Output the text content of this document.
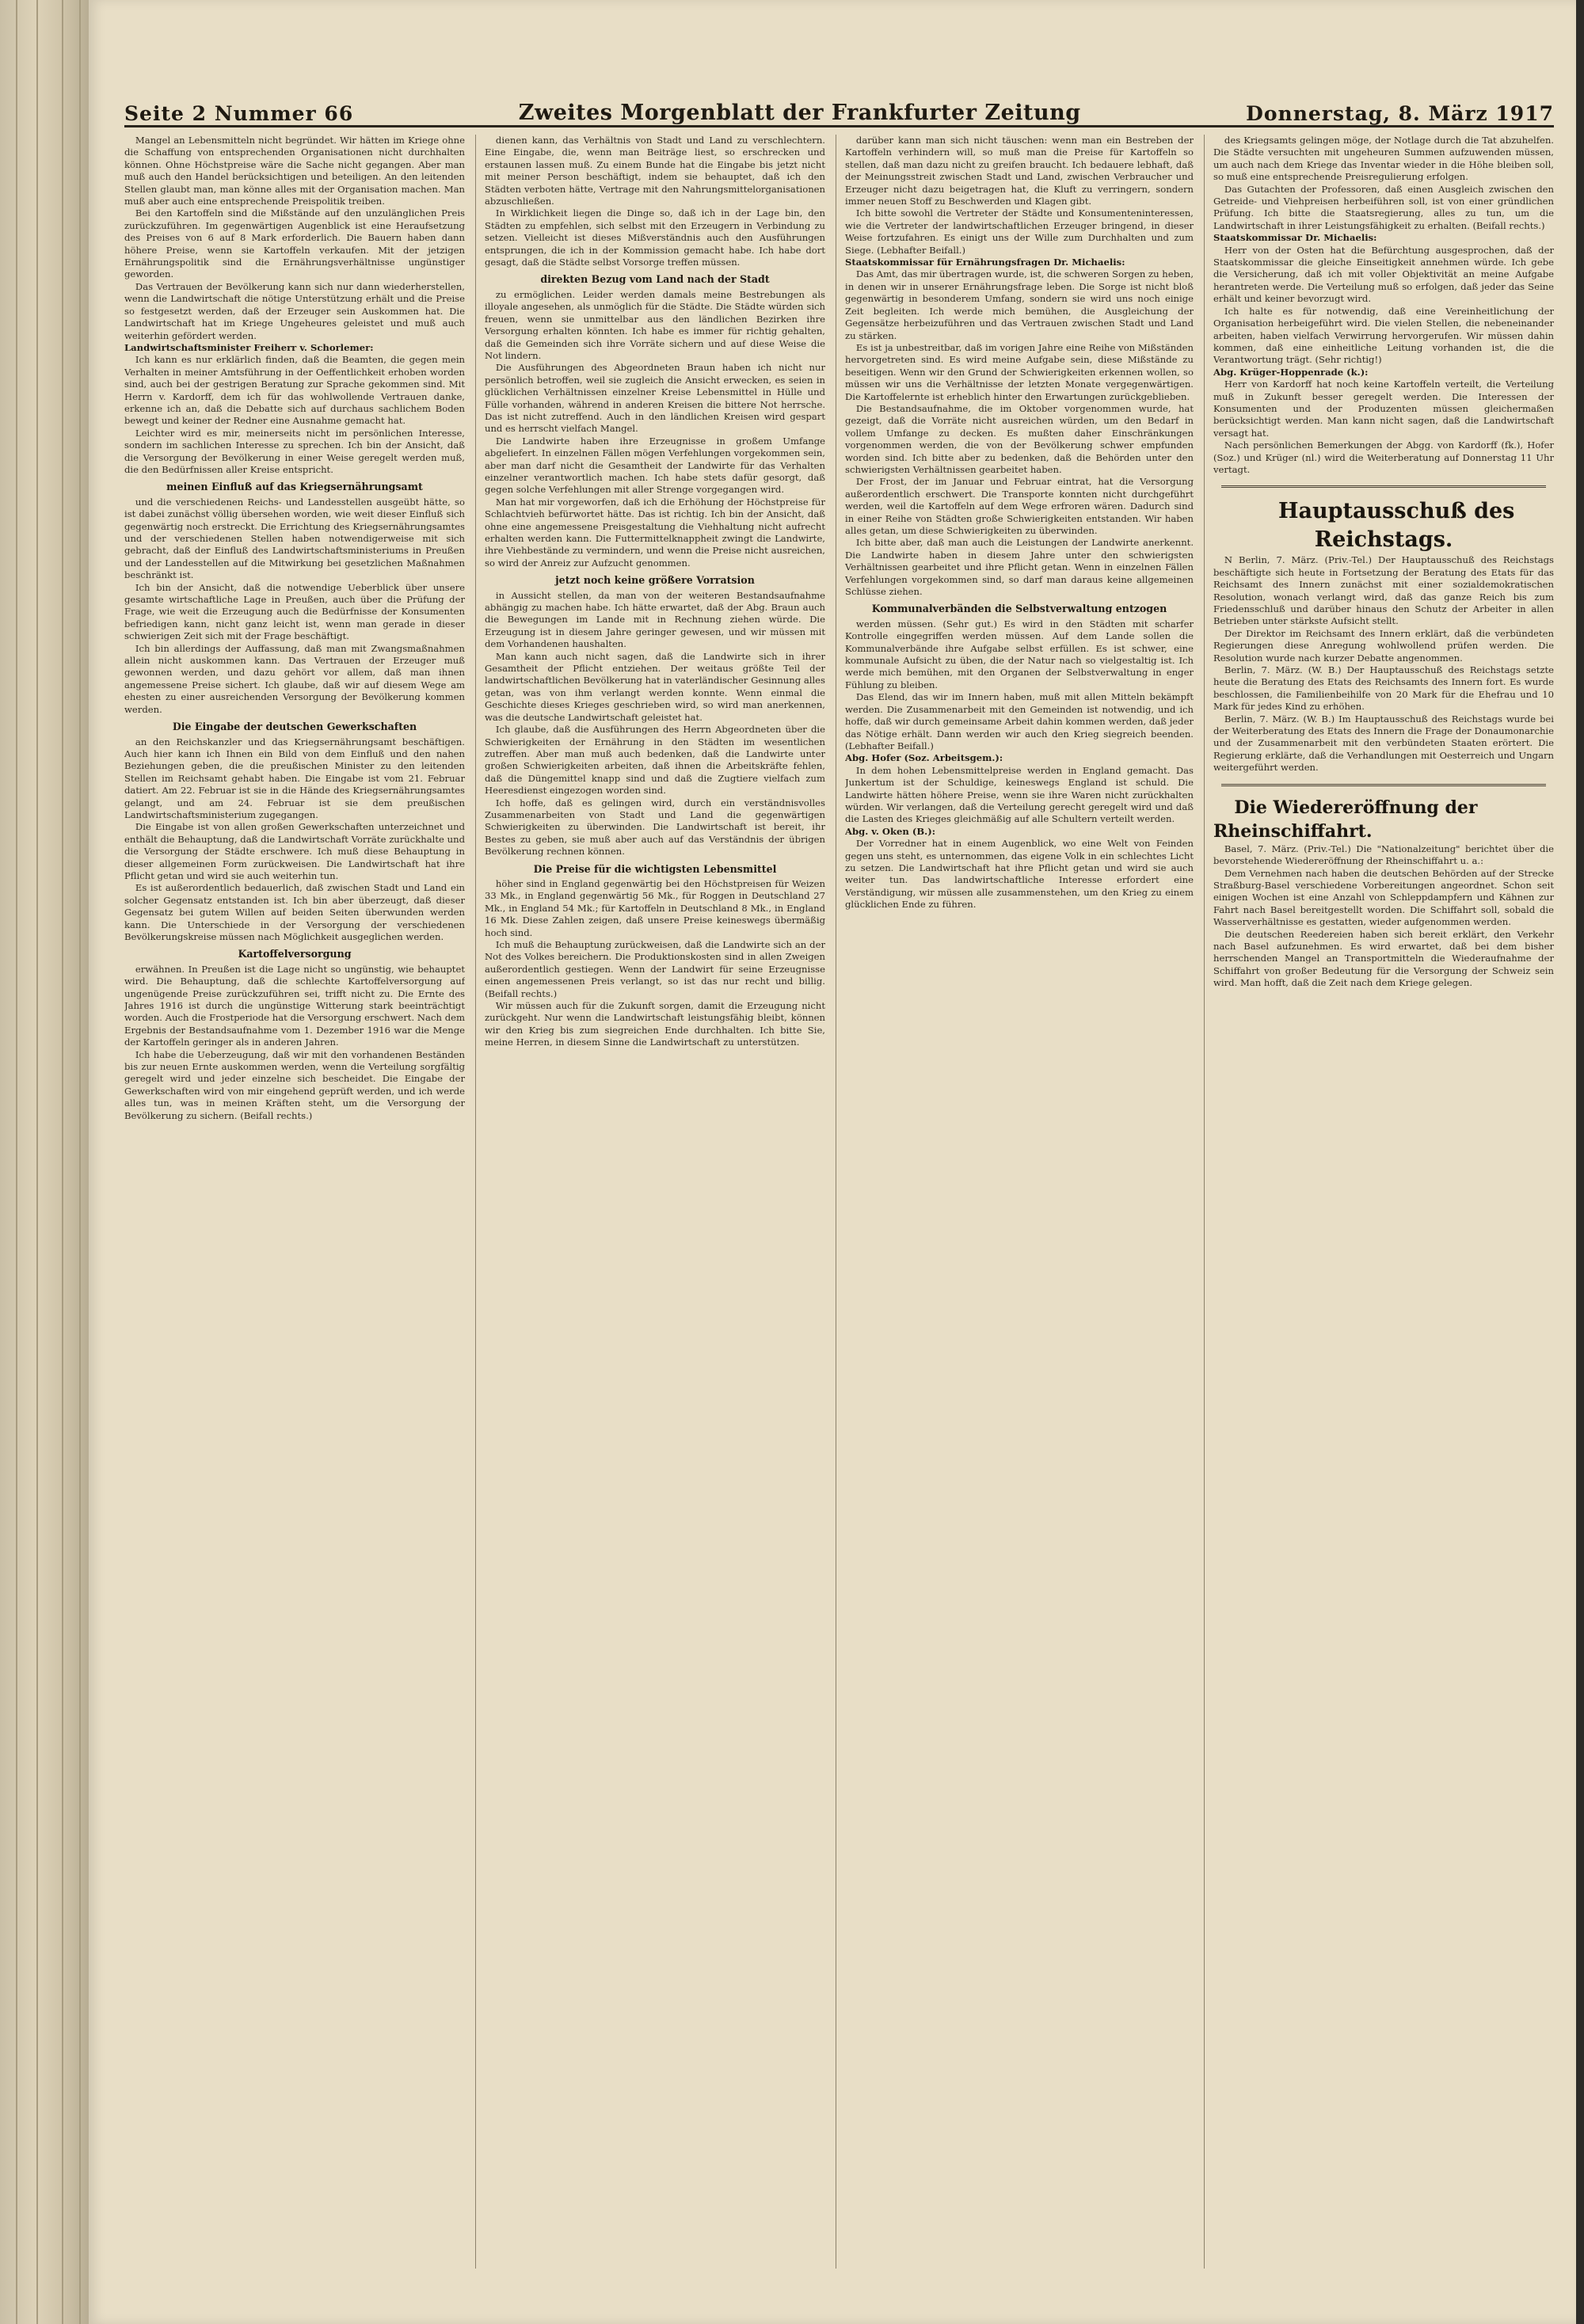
Seite 2 Nummer 66	Zweites Morgenblatt der Frankfurter Zeitung	Donnerstag, 8. März 1917

Mangel an Lebensmitteln nicht begründet. Wir hätten im Kriege ohne die Schaffung von entsprechenden Organisationen nicht durchhalten können. Ohne Höchstpreise wäre die Sache nicht gegangen. Aber man muß auch den Handel berücksichtigen und beteiligen. An den leitenden Stellen glaubt man, man könne alles mit der Organisation machen. Man muß aber auch eine entsprechende Preispolitik treiben.

Bei den Kartoffeln sind die Mißstände auf den unzulänglichen Preis zurückzuführen. Im gegenwärtigen Augenblick ist eine Heraufsetzung des Preises von 6 auf 8 Mark erforderlich. Die Bauern haben dann höhere Preise, wenn sie Kartoffeln verkaufen. Mit der jetzigen Ernährungspolitik sind die Ernährungsverhältnisse ungünstiger geworden.

Das Vertrauen der Bevölkerung kann sich nur dann wiederherstellen, wenn die Landwirtschaft die nötige Unterstützung erhält und die Preise so festgesetzt werden, daß der Erzeuger sein Auskommen hat. Die Landwirtschaft hat im Kriege Ungeheures geleistet und muß auch weiterhin gefördert werden.

Landwirtschaftsminister Freiherr v. Schorlemer:

Ich kann es nur erklärlich finden, daß die Beamten, die gegen mein Verhalten in meiner Amtsführung in der Oeffentlichkeit erhoben worden sind, auch bei der gestrigen Beratung zur Sprache gekommen sind. Mit Herrn v. Kardorff, dem ich für das wohlwollende Vertrauen danke, erkenne ich an, daß die Debatte sich auf durchaus sachlichem Boden bewegt und keiner der Redner eine Ausnahme gemacht hat.

Leichter wird es mir, meinerseits nicht im persönlichen Interesse, sondern im sachlichen Interesse zu sprechen. Ich bin der Ansicht, daß die Versorgung der Bevölkerung in einer Weise geregelt werden muß, die den Bedürfnissen aller Kreise entspricht.

meinen Einfluß auf das Kriegsernährungsamt

und die verschiedenen Reichs- und Landesstellen ausgeübt hätte, so ist dabei zunächst völlig übersehen worden, wie weit dieser Einfluß sich gegenwärtig noch erstreckt. Die Errichtung des Kriegsernährungsamtes und der verschiedenen Stellen haben notwendigerweise mit sich gebracht, daß der Einfluß des Landwirtschaftsministeriums in Preußen und der Landesstellen auf die Mitwirkung bei gesetzlichen Maßnahmen beschränkt ist.

Ich bin der Ansicht, daß die notwendige Ueberblick über unsere gesamte wirtschaftliche Lage in Preußen, auch über die Prüfung der Frage, wie weit die Erzeugung auch die Bedürfnisse der Konsumenten befriedigen kann, nicht ganz leicht ist, wenn man gerade in dieser schwierigen Zeit sich mit der Frage beschäftigt.

Ich bin allerdings der Auffassung, daß man mit Zwangsmaßnahmen allein nicht auskommen kann. Das Vertrauen der Erzeuger muß gewonnen werden, und dazu gehört vor allem, daß man ihnen angemessene Preise sichert. Ich glaube, daß wir auf diesem Wege am ehesten zu einer ausreichenden Versorgung der Bevölkerung kommen werden.

Die Eingabe der deutschen Gewerkschaften

an den Reichskanzler und das Kriegsernährungsamt beschäftigen. Auch hier kann ich Ihnen ein Bild von dem Einfluß und den nahen Beziehungen geben, die die preußischen Minister zu den leitenden Stellen im Reichsamt gehabt haben. Die Eingabe ist vom 21. Februar datiert. Am 22. Februar ist sie in die Hände des Kriegsernährungsamtes gelangt, und am 24. Februar ist sie dem preußischen Landwirtschaftsministerium zugegangen.

Die Eingabe ist von allen großen Gewerkschaften unterzeichnet und enthält die Behauptung, daß die Landwirtschaft Vorräte zurückhalte und die Versorgung der Städte erschwere. Ich muß diese Behauptung in dieser allgemeinen Form zurückweisen. Die Landwirtschaft hat ihre Pflicht getan und wird sie auch weiterhin tun.

Es ist außerordentlich bedauerlich, daß zwischen Stadt und Land ein solcher Gegensatz entstanden ist. Ich bin aber überzeugt, daß dieser Gegensatz bei gutem Willen auf beiden Seiten überwunden werden kann. Die Unterschiede in der Versorgung der verschiedenen Bevölkerungskreise müssen nach Möglichkeit ausgeglichen werden.

Kartoffelversorgung

erwähnen. In Preußen ist die Lage nicht so ungünstig, wie behauptet wird. Die Behauptung, daß die schlechte Kartoffelversorgung auf ungenügende Preise zurückzuführen sei, trifft nicht zu. Die Ernte des Jahres 1916 ist durch die ungünstige Witterung stark beeinträchtigt worden. Auch die Frostperiode hat die Versorgung erschwert. Nach dem Ergebnis der Bestandsaufnahme vom 1. Dezember 1916 war die Menge der Kartoffeln geringer als in anderen Jahren.

Ich habe die Ueberzeugung, daß wir mit den vorhandenen Beständen bis zur neuen Ernte auskommen werden, wenn die Verteilung sorgfältig geregelt wird und jeder einzelne sich bescheidet. Die Eingabe der Gewerkschaften wird von mir eingehend geprüft werden, und ich werde alles tun, was in meinen Kräften steht, um die Versorgung der Bevölkerung zu sichern. (Beifall rechts.)

dienen kann, das Verhältnis von Stadt und Land zu verschlechtern. Eine Eingabe, die, wenn man Beiträge liest, so erschrecken und erstaunen lassen muß. Zu einem Bunde hat die Eingabe bis jetzt nicht mit meiner Person beschäftigt, indem sie behauptet, daß ich den Städten verboten hätte, Vertrage mit den Nahrungsmittelorganisationen abzuschließen.

In Wirklichkeit liegen die Dinge so, daß ich in der Lage bin, den Städten zu empfehlen, sich selbst mit den Erzeugern in Verbindung zu setzen. Vielleicht ist dieses Mißverständnis auch den Ausführungen entsprungen, die ich in der Kommission gemacht habe. Ich habe dort gesagt, daß die Städte selbst Vorsorge treffen müssen.

direkten Bezug vom Land nach der Stadt

zu ermöglichen. Leider werden damals meine Bestrebungen als illoyale angesehen, als unmöglich für die Städte. Die Städte würden sich freuen, wenn sie unmittelbar aus den ländlichen Bezirken ihre Versorgung erhalten könnten. Ich habe es immer für richtig gehalten, daß die Gemeinden sich ihre Vorräte sichern und auf diese Weise die Not lindern.

Die Ausführungen des Abgeordneten Braun haben ich nicht nur persönlich betroffen, weil sie zugleich die Ansicht erwecken, es seien in glücklichen Verhältnissen einzelner Kreise Lebensmittel in Hülle und Fülle vorhanden, während in anderen Kreisen die bittere Not herrsche. Das ist nicht zutreffend. Auch in den ländlichen Kreisen wird gespart und es herrscht vielfach Mangel.

Die Landwirte haben ihre Erzeugnisse in großem Umfange abgeliefert. In einzelnen Fällen mögen Verfehlungen vorgekommen sein, aber man darf nicht die Gesamtheit der Landwirte für das Verhalten einzelner verantwortlich machen. Ich habe stets dafür gesorgt, daß gegen solche Verfehlungen mit aller Strenge vorgegangen wird.

Man hat mir vorgeworfen, daß ich die Erhöhung der Höchstpreise für Schlachtvieh befürwortet hätte. Das ist richtig. Ich bin der Ansicht, daß ohne eine angemessene Preisgestaltung die Viehhaltung nicht aufrecht erhalten werden kann. Die Futtermittelknappheit zwingt die Landwirte, ihre Viehbestände zu vermindern, und wenn die Preise nicht ausreichen, so wird der Anreiz zur Aufzucht genommen.

jetzt noch keine größere Vorratsion

in Aussicht stellen, da man von der weiteren Bestandsaufnahme abhängig zu machen habe. Ich hätte erwartet, daß der Abg. Braun auch die Bewegungen im Lande mit in Rechnung ziehen würde. Die Erzeugung ist in diesem Jahre geringer gewesen, und wir müssen mit dem Vorhandenen haushalten.

Man kann auch nicht sagen, daß die Landwirte sich in ihrer Gesamtheit der Pflicht entziehen. Der weitaus größte Teil der landwirtschaftlichen Bevölkerung hat in vaterländischer Gesinnung alles getan, was von ihm verlangt werden konnte. Wenn einmal die Geschichte dieses Krieges geschrieben wird, so wird man anerkennen, was die deutsche Landwirtschaft geleistet hat.

Ich glaube, daß die Ausführungen des Herrn Abgeordneten über die Schwierigkeiten der Ernährung in den Städten im wesentlichen zutreffen. Aber man muß auch bedenken, daß die Landwirte unter großen Schwierigkeiten arbeiten, daß ihnen die Arbeitskräfte fehlen, daß die Düngemittel knapp sind und daß die Zugtiere vielfach zum Heeresdienst eingezogen worden sind.

Ich hoffe, daß es gelingen wird, durch ein verständnisvolles Zusammenarbeiten von Stadt und Land die gegenwärtigen Schwierigkeiten zu überwinden. Die Landwirtschaft ist bereit, ihr Bestes zu geben, sie muß aber auch auf das Verständnis der übrigen Bevölkerung rechnen können.

Die Preise für die wichtigsten Lebensmittel

höher sind in England gegenwärtig bei den Höchstpreisen für Weizen 33 Mk., in England gegenwärtig 56 Mk., für Roggen in Deutschland 27 Mk., in England 54 Mk.; für Kartoffeln in Deutschland 8 Mk., in England 16 Mk. Diese Zahlen zeigen, daß unsere Preise keineswegs übermäßig hoch sind.

Ich muß die Behauptung zurückweisen, daß die Landwirte sich an der Not des Volkes bereichern. Die Produktionskosten sind in allen Zweigen außerordentlich gestiegen. Wenn der Landwirt für seine Erzeugnisse einen angemessenen Preis verlangt, so ist das nur recht und billig. (Beifall rechts.)

Wir müssen auch für die Zukunft sorgen, damit die Erzeugung nicht zurückgeht. Nur wenn die Landwirtschaft leistungsfähig bleibt, können wir den Krieg bis zum siegreichen Ende durchhalten. Ich bitte Sie, meine Herren, in diesem Sinne die Landwirtschaft zu unterstützen.

darüber kann man sich nicht täuschen: wenn man ein Bestreben der Kartoffeln verhindern will, so muß man die Preise für Kartoffeln so stellen, daß man dazu nicht zu greifen braucht. Ich bedauere lebhaft, daß der Meinungsstreit zwischen Stadt und Land, zwischen Verbraucher und Erzeuger nicht dazu beigetragen hat, die Kluft zu verringern, sondern immer neuen Stoff zu Beschwerden und Klagen gibt.

Ich bitte sowohl die Vertreter der Städte und Konsumenteninteressen, wie die Vertreter der landwirtschaftlichen Erzeuger bringend, in dieser Weise fortzufahren. Es einigt uns der Wille zum Durchhalten und zum Siege. (Lebhafter Beifall.)

Staatskommissar für Ernährungsfragen Dr. Michaelis:

Das Amt, das mir übertragen wurde, ist, die schweren Sorgen zu heben, in denen wir in unserer Ernährungsfrage leben. Die Sorge ist nicht bloß gegenwärtig in besonderem Umfang, sondern sie wird uns noch einige Zeit begleiten. Ich werde mich bemühen, die Ausgleichung der Gegensätze herbeizuführen und das Vertrauen zwischen Stadt und Land zu stärken.

Es ist ja unbestreitbar, daß im vorigen Jahre eine Reihe von Mißständen hervorgetreten sind. Es wird meine Aufgabe sein, diese Mißstände zu beseitigen. Wenn wir den Grund der Schwierigkeiten erkennen wollen, so müssen wir uns die Verhältnisse der letzten Monate vergegenwärtigen. Die Kartoffelernte ist erheblich hinter den Erwartungen zurückgeblieben.

Die Bestandsaufnahme, die im Oktober vorgenommen wurde, hat gezeigt, daß die Vorräte nicht ausreichen würden, um den Bedarf in vollem Umfange zu decken. Es mußten daher Einschränkungen vorgenommen werden, die von der Bevölkerung schwer empfunden worden sind. Ich bitte aber zu bedenken, daß die Behörden unter den schwierigsten Verhältnissen gearbeitet haben.

Der Frost, der im Januar und Februar eintrat, hat die Versorgung außerordentlich erschwert. Die Transporte konnten nicht durchgeführt werden, weil die Kartoffeln auf dem Wege erfroren wären. Dadurch sind in einer Reihe von Städten große Schwierigkeiten entstanden. Wir haben alles getan, um diese Schwierigkeiten zu überwinden.

Ich bitte aber, daß man auch die Leistungen der Landwirte anerkennt. Die Landwirte haben in diesem Jahre unter den schwierigsten Verhältnissen gearbeitet und ihre Pflicht getan. Wenn in einzelnen Fällen Verfehlungen vorgekommen sind, so darf man daraus keine allgemeinen Schlüsse ziehen.

Kommunalverbänden die Selbstverwaltung entzogen

werden müssen. (Sehr gut.) Es wird in den Städten mit scharfer Kontrolle eingegriffen werden müssen. Auf dem Lande sollen die Kommunalverbände ihre Aufgabe selbst erfüllen. Es ist schwer, eine kommunale Aufsicht zu üben, die der Natur nach so vielgestaltig ist. Ich werde mich bemühen, mit den Organen der Selbstverwaltung in enger Fühlung zu bleiben.

Das Elend, das wir im Innern haben, muß mit allen Mitteln bekämpft werden. Die Zusammenarbeit mit den Gemeinden ist notwendig, und ich hoffe, daß wir durch gemeinsame Arbeit dahin kommen werden, daß jeder das Nötige erhält. Dann werden wir auch den Krieg siegreich beenden. (Lebhafter Beifall.)

Abg. Hofer (Soz. Arbeitsgem.):

In dem hohen Lebensmittelpreise werden in England gemacht. Das Junkertum ist der Schuldige, keineswegs England ist schuld. Die Landwirte hätten höhere Preise, wenn sie ihre Waren nicht zurückhalten würden. Wir verlangen, daß die Verteilung gerecht geregelt wird und daß die Lasten des Krieges gleichmäßig auf alle Schultern verteilt werden.

Abg. v. Oken (B.):

Der Vorredner hat in einem Augenblick, wo eine Welt von Feinden gegen uns steht, es unternommen, das eigene Volk in ein schlechtes Licht zu setzen. Die Landwirtschaft hat ihre Pflicht getan und wird sie auch weiter tun. Das landwirtschaftliche Interesse erfordert eine Verständigung, wir müssen alle zusammenstehen, um den Krieg zu einem glücklichen Ende zu führen.

des Kriegsamts gelingen möge, der Notlage durch die Tat abzuhelfen. Die Städte versuchten mit ungeheuren Summen aufzuwenden müssen, um auch nach dem Kriege das Inventar wieder in die Höhe bleiben soll, so muß eine entsprechende Preisregulierung erfolgen.

Das Gutachten der Professoren, daß einen Ausgleich zwischen den Getreide- und Viehpreisen herbeiführen soll, ist von einer gründlichen Prüfung. Ich bitte die Staatsregierung, alles zu tun, um die Landwirtschaft in ihrer Leistungsfähigkeit zu erhalten. (Beifall rechts.)

Staatskommissar Dr. Michaelis:

Herr von der Osten hat die Befürchtung ausgesprochen, daß der Staatskommissar die gleiche Einseitigkeit annehmen würde. Ich gebe die Versicherung, daß ich mit voller Objektivität an meine Aufgabe herantreten werde. Die Verteilung muß so erfolgen, daß jeder das Seine erhält und keiner bevorzugt wird.

Ich halte es für notwendig, daß eine Vereinheitlichung der Organisation herbeigeführt wird. Die vielen Stellen, die nebeneinander arbeiten, haben vielfach Verwirrung hervorgerufen. Wir müssen dahin kommen, daß eine einheitliche Leitung vorhanden ist, die die Verantwortung trägt. (Sehr richtig!)

Abg. Krüger-Hoppenrade (k.):

Herr von Kardorff hat noch keine Kartoffeln verteilt, die Verteilung muß in Zukunft besser geregelt werden. Die Interessen der Konsumenten und der Produzenten müssen gleichermaßen berücksichtigt werden. Man kann nicht sagen, daß die Landwirtschaft versagt hat.

Nach persönlichen Bemerkungen der Abgg. von Kardorff (fk.), Hofer (Soz.) und Krüger (nl.) wird die Weiterberatung auf Donnerstag 11 Uhr vertagt.

Hauptausschuß des Reichstags.

N Berlin, 7. März. (Priv.-Tel.) Der Hauptausschuß des Reichstags beschäftigte sich heute in Fortsetzung der Beratung des Etats für das Reichsamt des Innern zunächst mit einer sozialdemokratischen Resolution, wonach verlangt wird, daß das ganze Reich bis zum Friedensschluß und darüber hinaus den Schutz der Arbeiter in allen Betrieben unter stärkste Aufsicht stellt.

Der Direktor im Reichsamt des Innern erklärt, daß die verbündeten Regierungen diese Anregung wohlwollend prüfen werden. Die Resolution wurde nach kurzer Debatte angenommen.

Berlin, 7. März. (W. B.) Der Hauptausschuß des Reichstags setzte heute die Beratung des Etats des Reichsamts des Innern fort. Es wurde beschlossen, die Familienbeihilfe von 20 Mark für die Ehefrau und 10 Mark für jedes Kind zu erhöhen.

Berlin, 7. März. (W. B.) Im Hauptausschuß des Reichstags wurde bei der Weiterberatung des Etats des Innern die Frage der Donaumonarchie und der Zusammenarbeit mit den verbündeten Staaten erörtert. Die Regierung erklärte, daß die Verhandlungen mit Oesterreich und Ungarn weitergeführt werden.

Die Wiedereröffnung der Rheinschiffahrt.

Basel, 7. März. (Priv.-Tel.) Die "Nationalzeitung" berichtet über die bevorstehende Wiedereröffnung der Rheinschiffahrt u. a.:

Dem Vernehmen nach haben die deutschen Behörden auf der Strecke Straßburg-Basel verschiedene Vorbereitungen angeordnet. Schon seit einigen Wochen ist eine Anzahl von Schleppdampfern und Kähnen zur Fahrt nach Basel bereitgestellt worden. Die Schiffahrt soll, sobald die Wasserverhältnisse es gestatten, wieder aufgenommen werden.

Die deutschen Reedereien haben sich bereit erklärt, den Verkehr nach Basel aufzunehmen. Es wird erwartet, daß bei dem bisher herrschenden Mangel an Transportmitteln die Wiederaufnahme der Schiffahrt von großer Bedeutung für die Versorgung der Schweiz sein wird. Man hofft, daß die Zeit nach dem Kriege gelegen.
